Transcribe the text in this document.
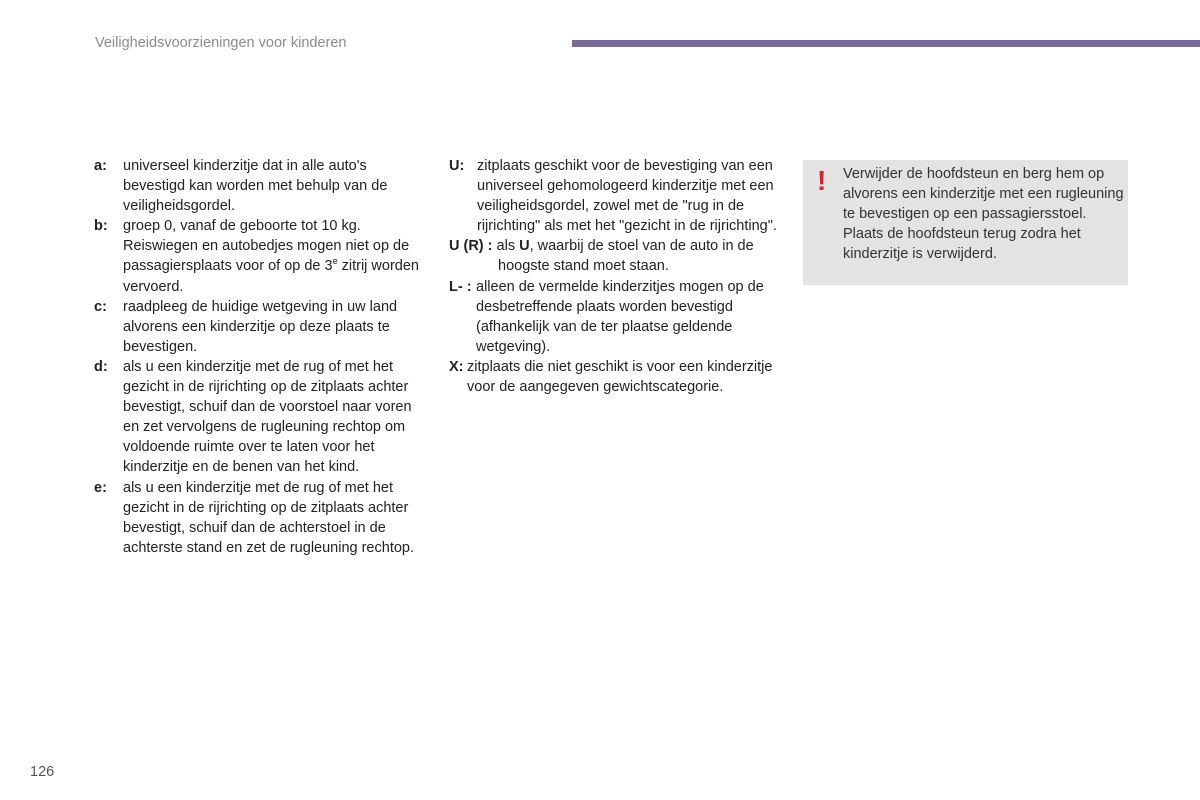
Veiligheidsvoorzieningen voor kinderen
a:	universeel kinderzitje dat in alle auto's bevestigd kan worden met behulp van de veiligheidsgordel.
b:	groep 0, vanaf de geboorte tot 10 kg. Reiswiegen en autobedjes mogen niet op de passagiersplaats voor of op de 3e zitrij worden vervoerd.
c:	raadpleeg de huidige wetgeving in uw land alvorens een kinderzitje op deze plaats te bevestigen.
d:	als u een kinderzitje met de rug of met het gezicht in de rijrichting op de zitplaats achter bevestigt, schuif dan de voorstoel naar voren en zet vervolgens de rugleuning rechtop om voldoende ruimte over te laten voor het kinderzitje en de benen van het kind.
e:	als u een kinderzitje met de rug of met het gezicht in de rijrichting op de zitplaats achter bevestigt, schuif dan de achterstoel in de achterste stand en zet de rugleuning rechtop.
U: zitplaats geschikt voor de bevestiging van een universeel gehomologeerd kinderzitje met een veiligheidsgordel, zowel met de "rug in de rijrichting" als met het "gezicht in de rijrichting".
U (R) : als U, waarbij de stoel van de auto in de hoogste stand moet staan.
L- : alleen de vermelde kinderzitjes mogen op de desbetreffende plaats worden bevestigd (afhankelijk van de ter plaatse geldende wetgeving).
X: zitplaats die niet geschikt is voor een kinderzitje voor de aangegeven gewichtscategorie.
! Verwijder de hoofdsteun en berg hem op alvorens een kinderzitje met een rugleuning te bevestigen op een passagiersstoel. Plaats de hoofdsteun terug zodra het kinderzitje is verwijderd.
126
